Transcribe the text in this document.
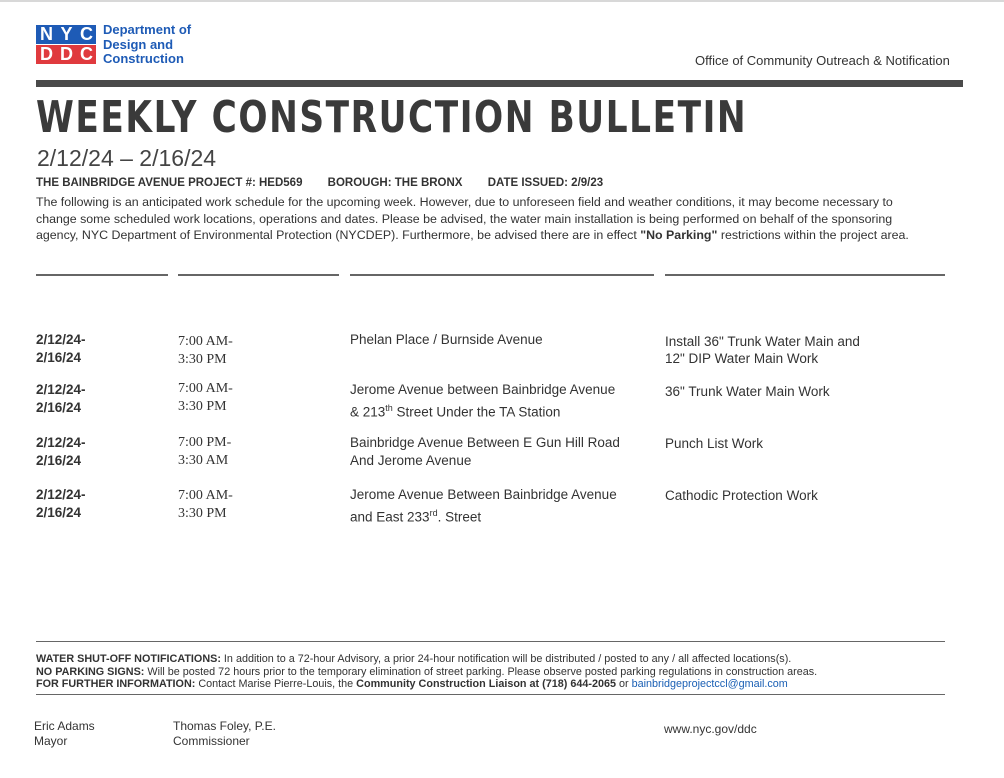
N Y C
D D C
Department of
Design and
Construction	Office of Community Outreach & Notification
WEEKLY CONSTRUCTION BULLETIN
2/12/24 – 2/16/24
THE BAINBRIDGE AVENUE PROJECT #: HED569 BOROUGH: THE BRONX DATE ISSUED: 2/9/23
The following is an anticipated work schedule for the upcoming week. However, due to unforeseen field and weather conditions, it may become necessary to change some scheduled work locations, operations and dates. Please be advised, the water main installation is being performed on behalf of the sponsoring agency, NYC Department of Environmental Protection (NYCDEP). Furthermore, be advised there are in effect "No Parking" restrictions within the project area.
2/12/24-
2/16/24
7:00 AM-
3:30 PM
Phelan Place / Burnside Avenue	Install 36" Trunk Water Main and
12" DIP Water Main Work
2/12/24-
2/16/24
7:00 AM-
3:30 PM
Jerome Avenue between Bainbridge Avenue
& 213th Street Under the TA Station
36" Trunk Water Main Work
2/12/24-
2/16/24
7:00 PM-
3:30 AM
Bainbridge Avenue Between E Gun Hill Road
And Jerome Avenue
Punch List Work
2/12/24-
2/16/24
7:00 AM-
3:30 PM
Jerome Avenue Between Bainbridge Avenue
and East 233rd. Street
Cathodic Protection Work
WATER SHUT-OFF NOTIFICATIONS: In addition to a 72-hour Advisory, a prior 24-hour notification will be distributed / posted to any / all affected locations(s).
NO PARKING SIGNS: Will be posted 72 hours prior to the temporary elimination of street parking. Please observe posted parking regulations in construction areas.
FOR FURTHER INFORMATION: Contact Marise Pierre-Louis, the Community Construction Liaison at (718) 644-2065 or bainbridgeprojectccl@gmail.com
Eric Adams
Mayor
Thomas Foley, P.E.
Commissioner
www.nyc.gov/ddc
